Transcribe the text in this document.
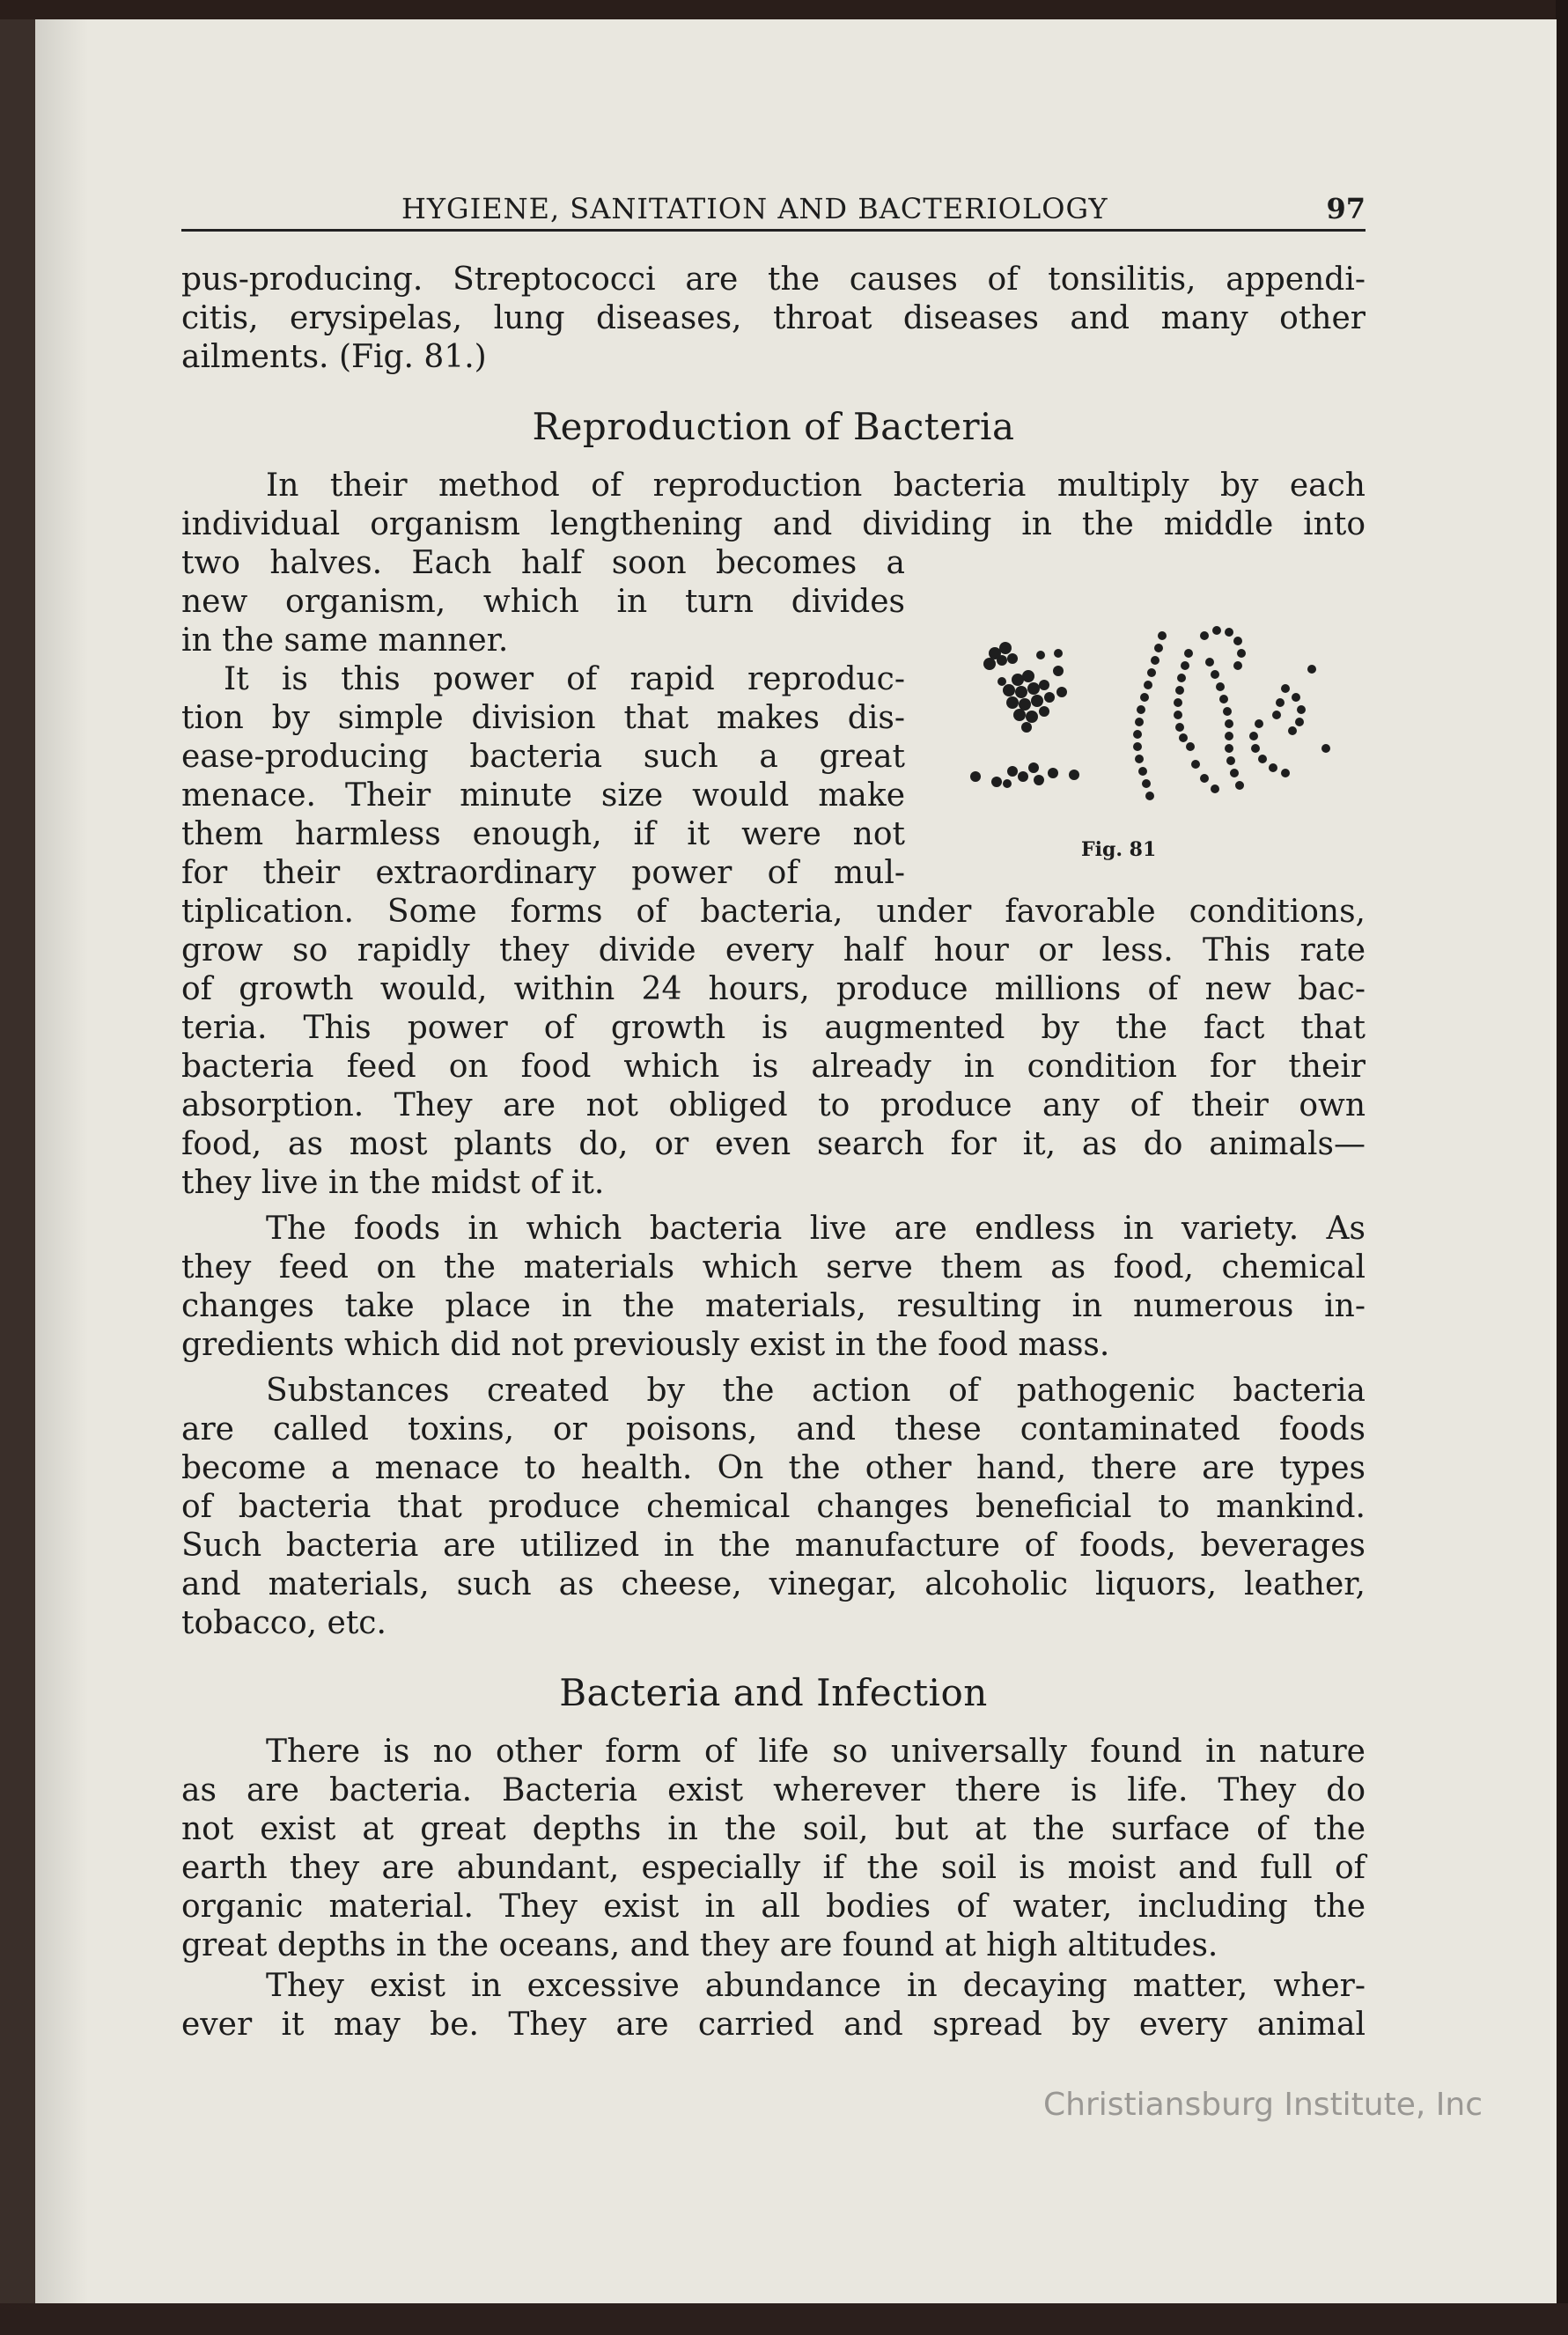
HYGIENE, SANITATION AND BACTERIOLOGY	97
pus-producing. Streptococci are the causes of tonsilitis, appendi-
citis, erysipelas, lung diseases, throat diseases and many other
ailments. (Fig. 81.)
Reproduction of Bacteria
In their method of reproduction bacteria multiply by each
individual organism lengthening and dividing in the middle into
two halves. Each half soon becomes a
new organism, which in turn divides
in the same manner.
It is this power of rapid reproduc-
tion by simple division that makes dis-
ease-producing bacteria such a great
menace. Their minute size would make
them harmless enough, if it were not
for their extraordinary power of mul-
tiplication. Some forms of bacteria, under favorable conditions,
grow so rapidly they divide every half hour or less. This rate
of growth would, within 24 hours, produce millions of new bac-
teria. This power of growth is augmented by the fact that
bacteria feed on food which is already in condition for their
absorption. They are not obliged to produce any of their own
food, as most plants do, or even search for it, as do animals—
they live in the midst of it.
The foods in which bacteria live are endless in variety. As
they feed on the materials which serve them as food, chemical
changes take place in the materials, resulting in numerous in-
gredients which did not previously exist in the food mass.
Substances created by the action of pathogenic bacteria
are called toxins, or poisons, and these contaminated foods
become a menace to health. On the other hand, there are types
of bacteria that produce chemical changes beneficial to mankind.
Such bacteria are utilized in the manufacture of foods, beverages
and materials, such as cheese, vinegar, alcoholic liquors, leather,
tobacco, etc.
Bacteria and Infection
There is no other form of life so universally found in nature
as are bacteria. Bacteria exist wherever there is life. They do
not exist at great depths in the soil, but at the surface of the
earth they are abundant, especially if the soil is moist and full of
organic material. They exist in all bodies of water, including the
great depths in the oceans, and they are found at high altitudes.
They exist in excessive abundance in decaying matter, wher-
ever it may be. They are carried and spread by every animal
Fig. 81
Christiansburg Institute, Inc
